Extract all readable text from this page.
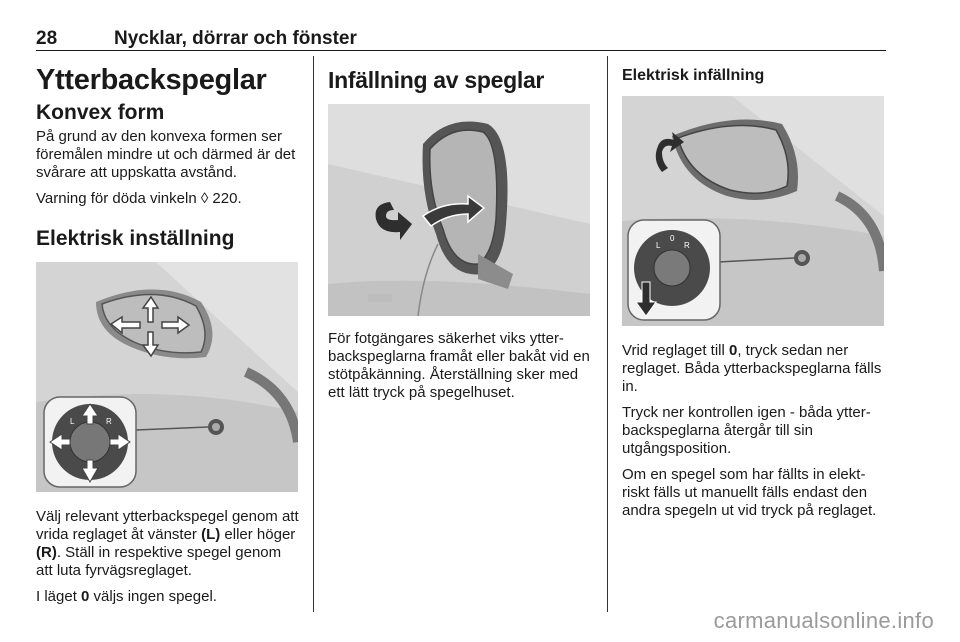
28	Nycklar, dörrar och fönster
Ytterbackspeglar
Konvex form

På grund av den konvexa formen ser föremålen mindre ut och därmed är det svårare att uppskatta avstånd.

Varning för döda vinkeln ◊ 220.

Elektrisk inställning
L	R

Välj relevant ytterbackspegel genom att vrida reglaget åt vänster (L) eller höger (R). Ställ in respektive spegel genom att luta fyrvägsreglaget.

I läget 0 väljs ingen spegel.

Infällning av speglar

För fotgängares säkerhet viks ytter-backspeglarna framåt eller bakåt vid en stötpåkänning. Återställning sker med ett lätt tryck på spegelhuset.

Elektrisk infällning
L
0
R

Vrid reglaget till 0, tryck sedan ner reglaget. Båda ytterbackspeglarna fälls in.

Tryck ner kontrollen igen - båda ytter-backspeglarna återgår till sin utgångsposition.

Om en spegel som har fällts in elekt-riskt fälls ut manuellt fälls endast den andra spegeln ut vid tryck på reglaget.

carmanualsonline.info
